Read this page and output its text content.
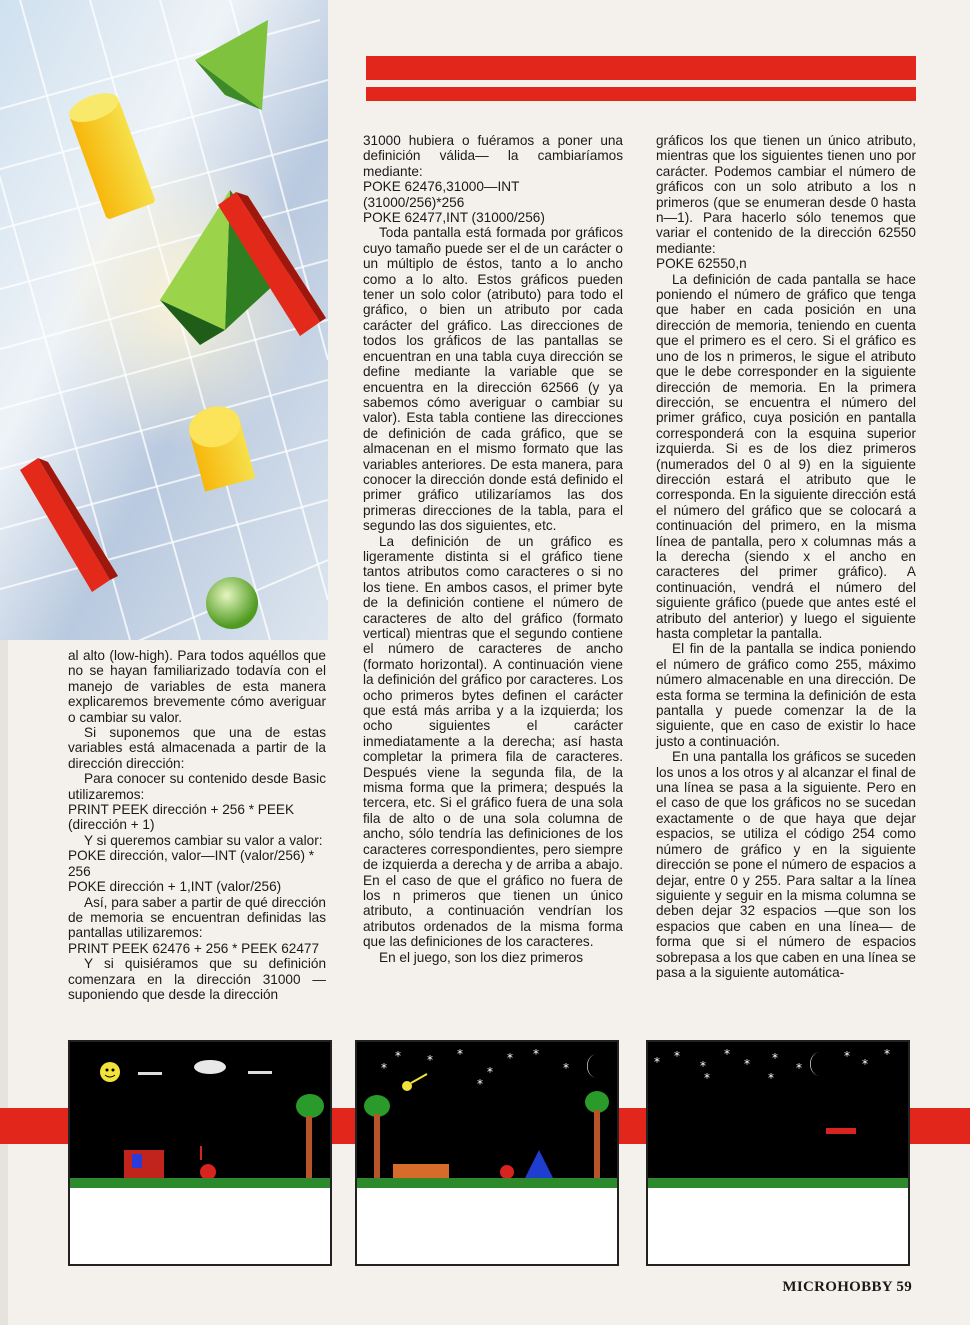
al alto (low-high). Para todos aquéllos que no se hayan familiarizado todavía con el manejo de variables de esta manera explicaremos brevemente cómo averiguar o cambiar su valor.

Si suponemos que una de estas variables está almacenada a partir de la dirección dirección:

Para conocer su contenido desde Basic utilizaremos:

PRINT PEEK dirección + 256 * PEEK (dirección + 1)

Y si queremos cambiar su valor a valor:

POKE dirección, valor—INT (valor/256) * 256

POKE dirección + 1,INT (valor/256)

Así, para saber a partir de qué dirección de memoria se encuentran definidas las pantallas utilizaremos:

PRINT PEEK 62476 + 256 * PEEK 62477

Y si quisiéramos que su definición comenzara en la dirección 31000 —suponiendo que desde la dirección

31000 hubiera o fuéramos a poner una definición válida— la cambiaríamos mediante:

POKE 62476,31000—INT (31000/256)*256

POKE 62477,INT (31000/256)

Toda pantalla está formada por gráficos cuyo tamaño puede ser el de un carácter o un múltiplo de éstos, tanto a lo ancho como a lo alto. Estos gráficos pueden tener un solo color (atributo) para todo el gráfico, o bien un atributo por cada carácter del gráfico. Las direcciones de todos los gráficos de las pantallas se encuentran en una tabla cuya dirección se define mediante la variable que se encuentra en la dirección 62566 (y ya sabemos cómo averiguar o cambiar su valor). Esta tabla contiene las direcciones de definición de cada gráfico, que se almacenan en el mismo formato que las variables anteriores. De esta manera, para conocer la dirección donde está definido el primer gráfico utilizaríamos las dos primeras direcciones de la tabla, para el segundo las dos siguientes, etc.

La definición de un gráfico es ligeramente distinta si el gráfico tiene tantos atributos como caracteres o si no los tiene. En ambos casos, el primer byte de la definición contiene el número de caracteres de alto del gráfico (formato vertical) mientras que el segundo contiene el número de caracteres de ancho (formato horizontal). A continuación viene la definición del gráfico por caracteres. Los ocho primeros bytes definen el carácter que está más arriba y a la izquierda; los ocho siguientes el carácter inmediatamente a la derecha; así hasta completar la primera fila de caracteres. Después viene la segunda fila, de la misma forma que la primera; después la tercera, etc. Si el gráfico fuera de una sola fila de alto o de una sola columna de ancho, sólo tendría las definiciones de los caracteres correspondientes, pero siempre de izquierda a derecha y de arriba a abajo. En el caso de que el gráfico no fuera de los n primeros que tienen un único atributo, a continuación vendrían los atributos ordenados de la misma forma que las definiciones de los caracteres.

En el juego, son los diez primeros

gráficos los que tienen un único atributo, mientras que los siguientes tienen uno por carácter. Podemos cambiar el número de gráficos con un solo atributo a los n primeros (que se enumeran desde 0 hasta n—1). Para hacerlo sólo tenemos que variar el contenido de la dirección 62550 mediante:

POKE 62550,n

La definición de cada pantalla se hace poniendo el número de gráfico que tenga que haber en cada posición en una dirección de memoria, teniendo en cuenta que el primero es el cero. Si el gráfico es uno de los n primeros, le sigue el atributo que le debe corresponder en la siguiente dirección de memoria. En la primera dirección, se encuentra el número del primer gráfico, cuya posición en pantalla corresponderá con la esquina superior izquierda. Si es de los diez primeros (numerados del 0 al 9) en la siguiente dirección estará el atributo que le corresponda. En la siguiente dirección está el número del gráfico que se colocará a continuación del primero, en la misma línea de pantalla, pero x columnas más a la derecha (siendo x el ancho en caracteres del primer gráfico). A continuación, vendrá el número del siguiente gráfico (puede que antes esté el atributo del anterior) y luego el siguiente hasta completar la pantalla.

El fin de la pantalla se indica poniendo el número de gráfico como 255, máximo número almacenable en una dirección. De esta forma se termina la definición de esta pantalla y puede comenzar la de la siguiente, que en caso de existir lo hace justo a continuación.

En una pantalla los gráficos se suceden los unos a los otros y al alcanzar el final de una línea se pasa a la siguiente. Pero en el caso de que los gráficos no se sucedan exactamente o de que haya que dejar espacios, se utiliza el código 254 como número de gráfico y en la siguiente dirección se pone el número de espacios a dejar, entre 0 y 255. Para saltar a la línea siguiente y seguir en la misma columna se deben dejar 32 espacios —que son los espacios que caben en una línea— de forma que si el número de espacios sobrepasa a los que caben en una línea se pasa a la siguiente automática-

* * *
*
* *
*
*
*
* *
*
*
* *
*
*
*
*
*	*
MICROHOBBY 59
